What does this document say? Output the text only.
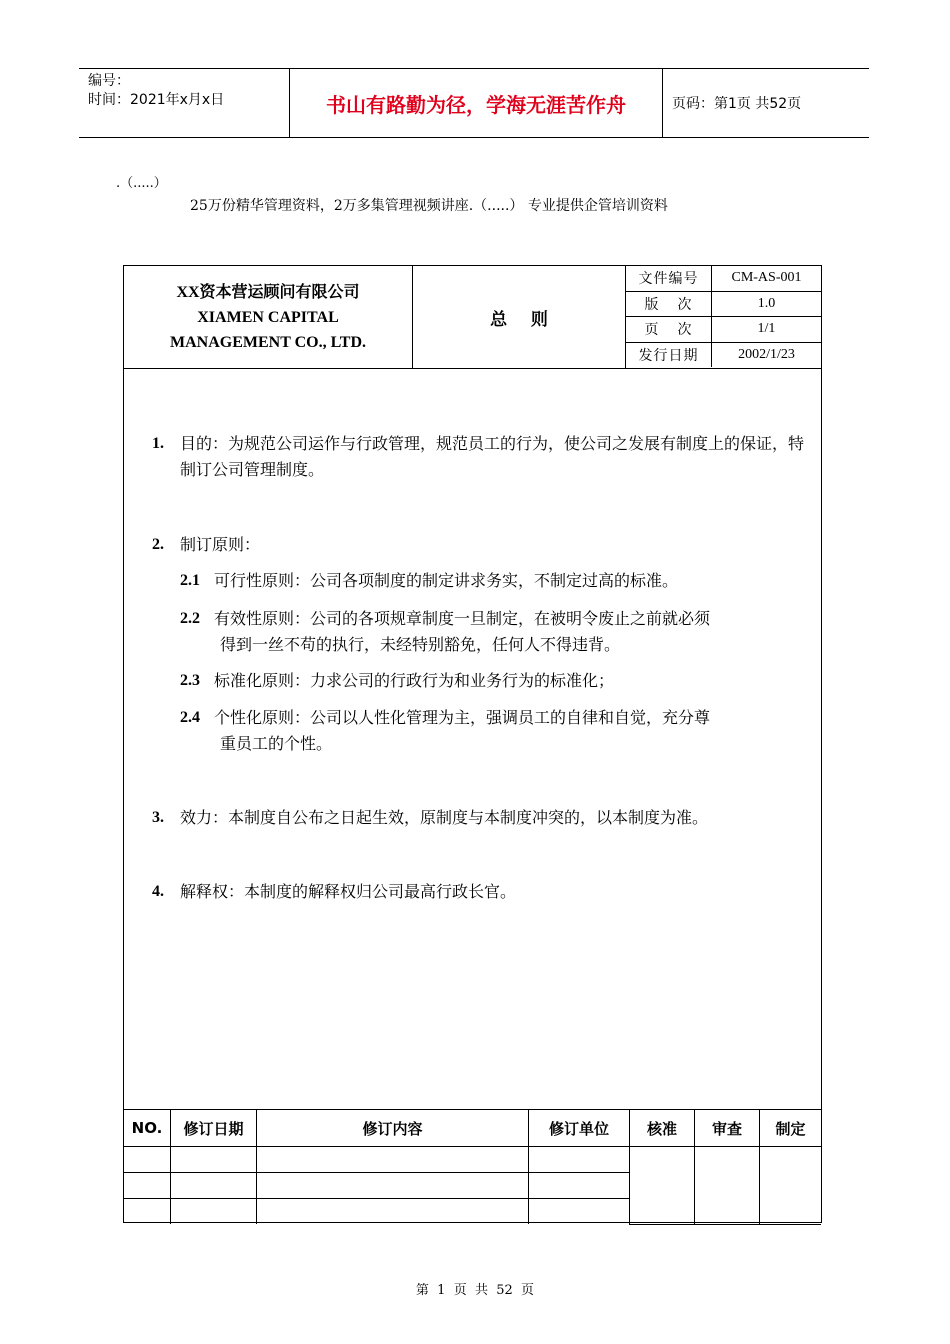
编号：
时间：2021年x月x日	书山有路勤为径，学海无涯苦作舟	页码：第1页 共52页
.（.....）
25万份精华管理资料，2万多集管理视频讲座.（.....） 专业提供企管培训资料
XX资本营运顾问有限公司
XIAMEN CAPITAL
MANAGEMENT CO., LTD.
总    则
文件编号	CM-AS-001
版    次	1.0
页    次	1/1
发行日期	2002/1/23
1.	目的：为规范公司运作与行政管理，规范员工的行为，使公司之发展有制度上的保证，特制订公司管理制度。
2.	制订原则：
2.1 可行性原则：公司各项制度的制定讲求务实，不制定过高的标准。
2.2 有效性原则：公司的各项规章制度一旦制定，在被明令废止之前就必须
得到一丝不苟的执行，未经特别豁免，任何人不得违背。
2.3 标准化原则：力求公司的行政行为和业务行为的标准化；
2.4 个性化原则：公司以人性化管理为主，强调员工的自律和自觉，充分尊
重员工的个性。
3.	效力：本制度自公布之日起生效，原制度与本制度冲突的，以本制度为准。
4.	解释权：本制度的解释权归公司最高行政长官。
NO.	修订日期	修订内容	修订单位	核准	审查	制定

第  1  页  共  52  页
